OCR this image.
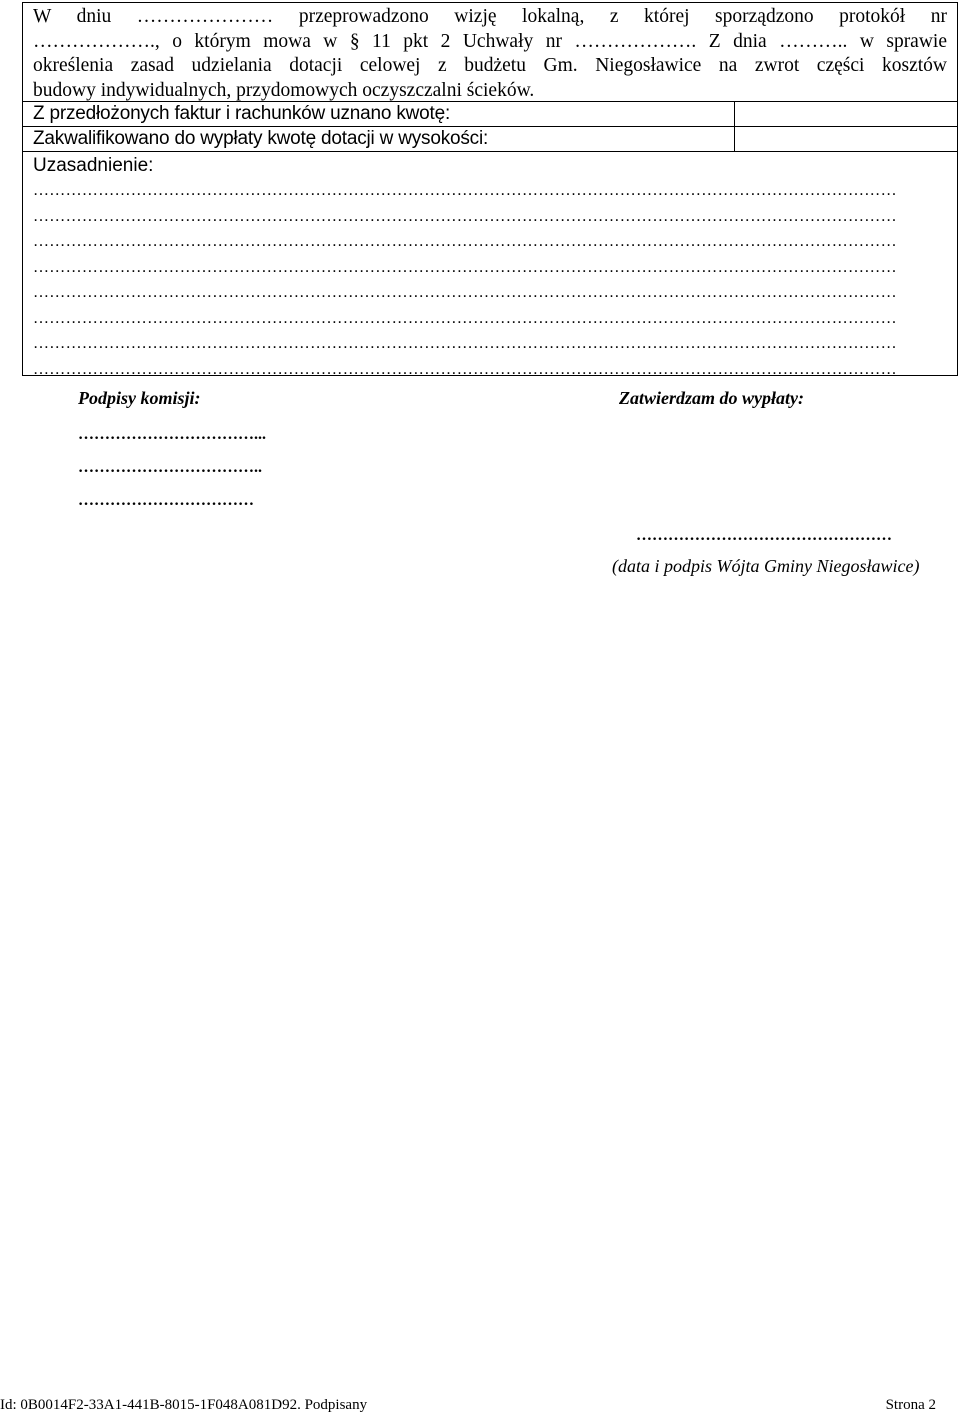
W dniu ………………… przeprowadzono wizję lokalną, z której sporządzono protokół nr

………………., o którym mowa w § 11 pkt 2 Uchwały nr ………………. Z dnia ……….. w sprawie

określenia zasad udzielania dotacji celowej z budżetu Gm. Niegosławice na zwrot części kosztów

budowy indywidualnych, przydomowych oczyszczalni ścieków.

Z przedłożonych faktur i rachunków uznano kwotę:
Zakwalifikowano do wypłaty kwotę dotacji w wysokości:
Uzasadnienie:
……………………………………………………………………………………………………………………………………………
……………………………………………………………………………………………………………………………………………
……………………………………………………………………………………………………………………………………………
……………………………………………………………………………………………………………………………………………
……………………………………………………………………………………………………………………………………………
……………………………………………………………………………………………………………………………………………
……………………………………………………………………………………………………………………………………………
……………………………………………………………………………………………………………………………………………
Podpisy komisji:	Zatwierdzam do wypłaty:
……………………………...
……………………………..
……………………………
…………………………………………
(data i podpis Wójta Gminy Niegosławice)
Id: 0B0014F2-33A1-441B-8015-1F048A081D92. Podpisany	Strona 2
